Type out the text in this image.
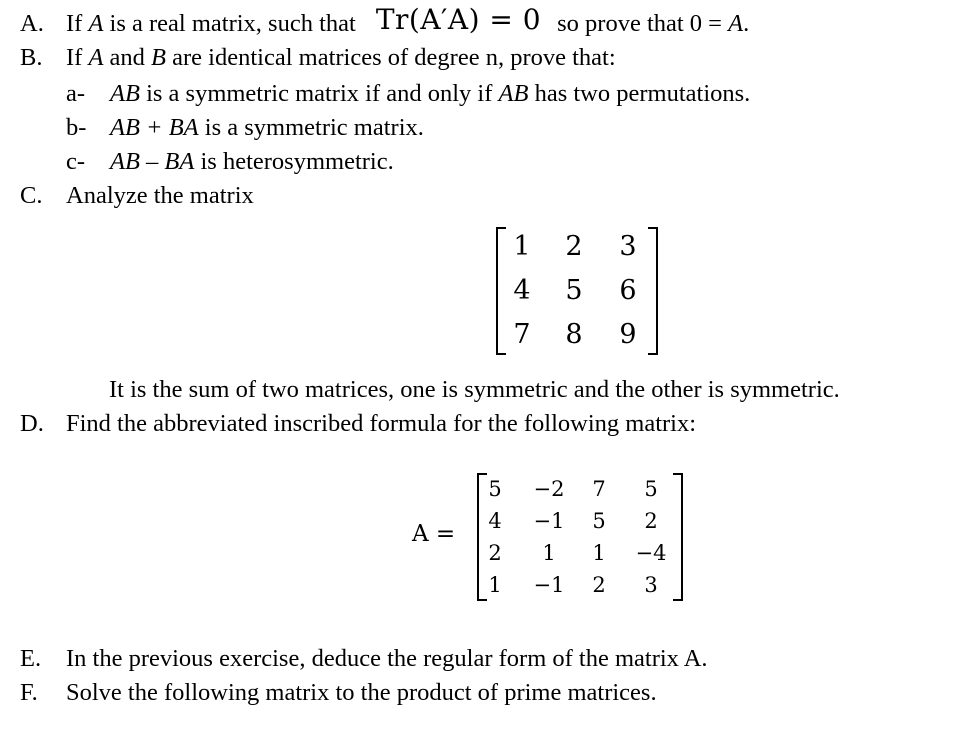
A. If A is a real matrix, such that Tr(A′A) = 0 so prove that 0 = A.
B. If A and B are identical matrices of degree n, prove that:
a- AB is a symmetric matrix if and only if AB has two permutations.
b- AB + BA is a symmetric matrix.
c- AB – BA is heterosymmetric.
C. Analyze the matrix
1	2	3
4	5	6
7	8	9
It is the sum of two matrices, one is symmetric and the other is symmetric.
D. Find the abbreviated inscribed formula for the following matrix:
A =
5	−2	7	5
4	−1	5	2
2	1	1	−4
1	−1	2	3
E. In the previous exercise, deduce the regular form of the matrix A.
F. Solve the following matrix to the product of prime matrices.
